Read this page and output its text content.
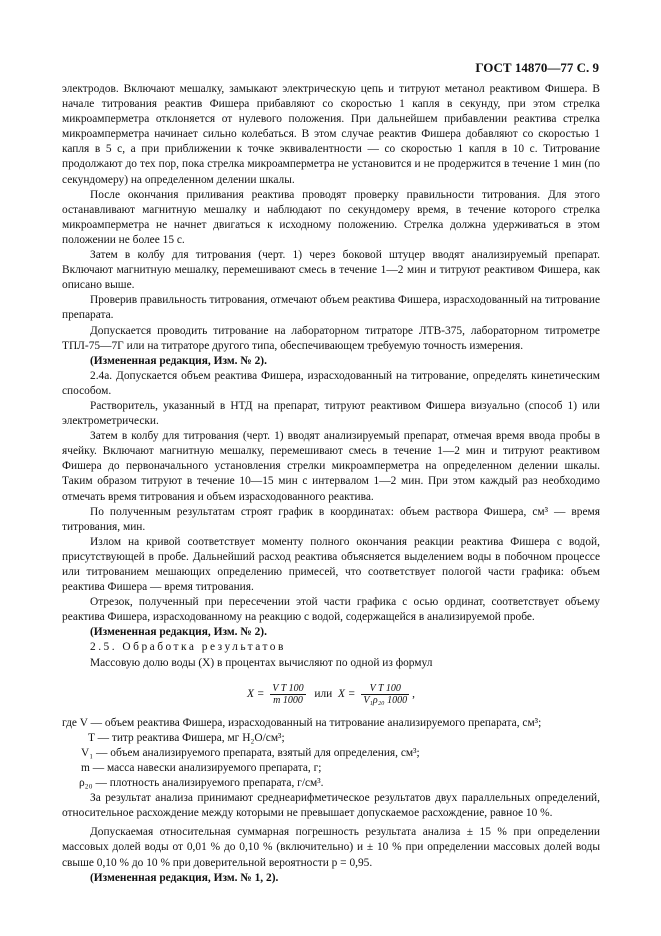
ГОСТ 14870—77 С. 9

электродов. Включают мешалку, замыкают электрическую цепь и титруют метанол реактивом Фишера. В начале титрования реактив Фишера прибавляют со скоростью 1 капля в секунду, при этом стрелка микроамперметра отклоняется от нулевого положения. При дальнейшем прибавлении реактива стрелка микроамперметра начинает сильно колебаться. В этом случае реактив Фишера добавляют со скоростью 1 капля в 5 с, а при приближении к точке эквивалентности — со скоростью 1 капля в 10 с. Титрование продолжают до тех пор, пока стрелка микроамперметра не установится и не продержится в течение 1 мин (по секундомеру) на определенном делении шкалы.

После окончания приливания реактива проводят проверку правильности титрования. Для этого останавливают магнитную мешалку и наблюдают по секундомеру время, в течение которого стрелка микроамперметра не начнет двигаться к исходному положению. Стрелка должна удерживаться в этом положении не более 15 с.

Затем в колбу для титрования (черт. 1) через боковой штуцер вводят анализируемый препарат. Включают магнитную мешалку, перемешивают смесь в течение 1—2 мин и титруют реактивом Фишера, как описано выше.

Проверив правильность титрования, отмечают объем реактива Фишера, израсходованный на титрование препарата.

Допускается проводить титрование на лабораторном титраторе ЛТВ-375, лабораторном титрометре ТПЛ-75—7Г или на титраторе другого типа, обеспечивающем требуемую точность измерения.

(Измененная редакция, Изм. № 2).

2.4а. Допускается объем реактива Фишера, израсходованный на титрование, определять кинетическим способом.

Растворитель, указанный в НТД на препарат, титруют реактивом Фишера визуально (способ 1) или электрометрически.

Затем в колбу для титрования (черт. 1) вводят анализируемый препарат, отмечая время ввода пробы в ячейку. Включают магнитную мешалку, перемешивают смесь в течение 1—2 мин и титруют реактивом Фишера до первоначального установления стрелки микроамперметра на определенном делении шкалы. Таким образом титруют в течение 10—15 мин с интервалом 1—2 мин. При этом каждый раз необходимо отмечать время титрования и объем израсходованного реактива.

По полученным результатам строят график в координатах: объем раствора Фишера, см³ — время титрования, мин.

Излом на кривой соответствует моменту полного окончания реакции реактива Фишера с водой, присутствующей в пробе. Дальнейший расход реактива объясняется выделением воды в побочном процессе или титрованием мешающих определению примесей, что соответствует пологой части графика: объем реактива Фишера — время титрования.

Отрезок, полученный при пересечении этой части графика с осью ординат, соответствует объему реактива Фишера, израсходованному на реакцию с водой, содержащейся в анализируемой пробе.

(Измененная редакция, Изм. № 2).

2.5. Обработка результатов

Массовую долю воды (X) в процентах вычисляют по одной из формул

$X = \frac{\text{V T 100}}{m 1000}$ или $X = \frac{\text{V T 100}}{\text{V₁ρ₂₀ 1000}}$ ,

где V — объем реактива Фишера, израсходованный на титрование анализируемого препарата, см³;

T — титр реактива Фишера, мг H₂O/см³;

V₁ — объем анализируемого препарата, взятый для определения, см³;

m — масса навески анализируемого препарата, г;

ρ₂₀ — плотность анализируемого препарата, г/см³.

За результат анализа принимают среднеарифметическое результатов двух параллельных определений, относительное расхождение между которыми не превышает допускаемое расхождение, равное 10 %.

Допускаемая относительная суммарная погрешность результата анализа ± 15 % при определении массовых долей воды от 0,01 % до 0,10 % (включительно) и ± 10 % при определении массовых долей воды свыше 0,10 % до 10 % при доверительной вероятности p = 0,95.

(Измененная редакция, Изм. № 1, 2).
